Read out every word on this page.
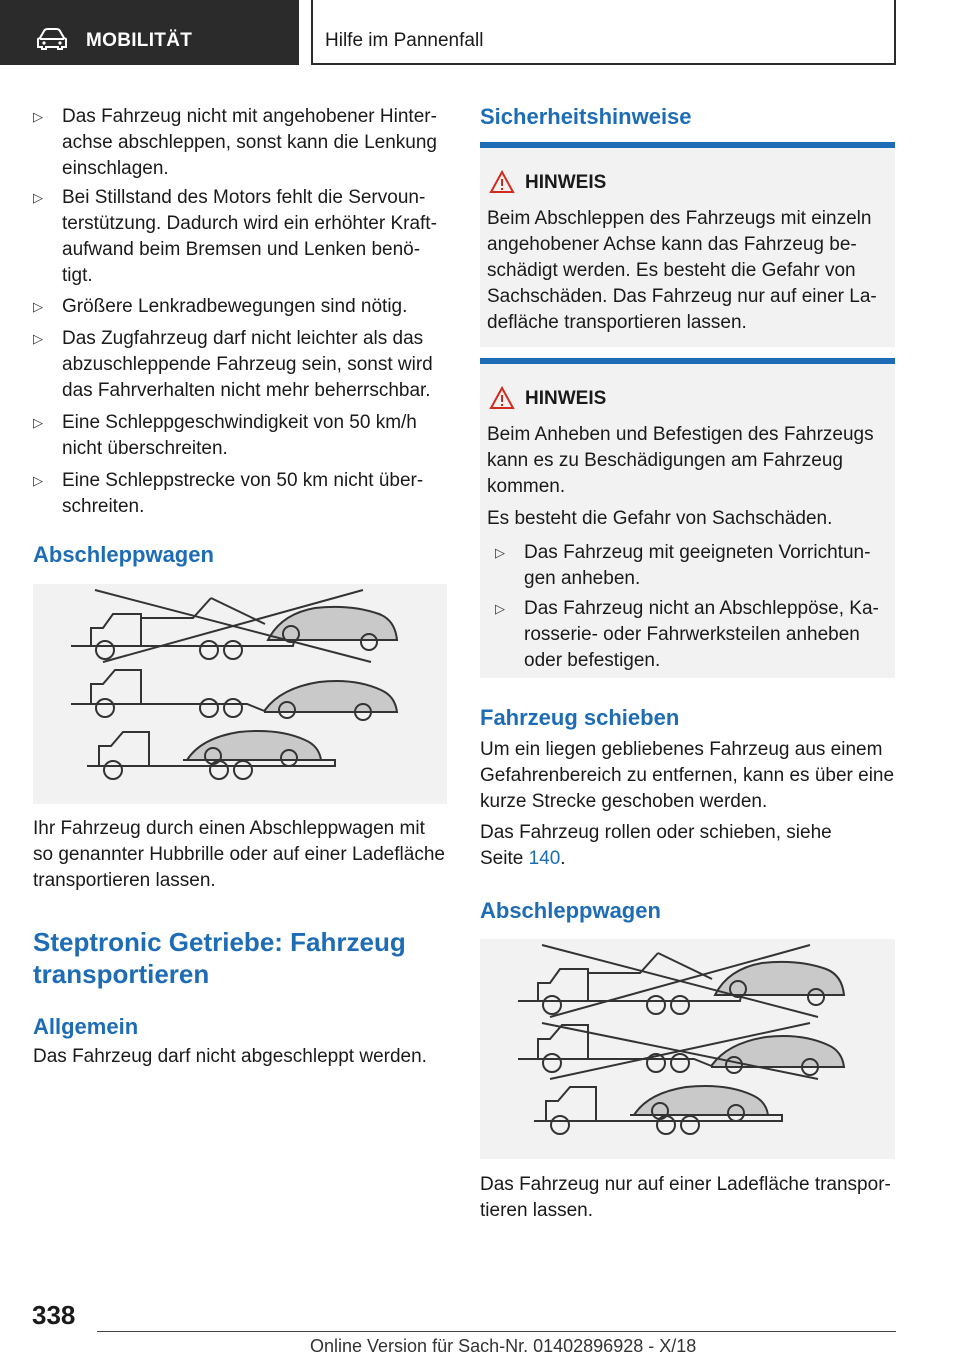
MOBILITÄT	Hilfe im Pannenfall
▷ Das Fahrzeug nicht mit angehobener Hinter-
achse abschleppen, sonst kann die Lenkung
einschlagen.
▷ Bei Stillstand des Motors fehlt die Servoun-
terstützung. Dadurch wird ein erhöhter Kraft-
aufwand beim Bremsen und Lenken benö-
tigt.
▷ Größere Lenkradbewegungen sind nötig.
▷ Das Zugfahrzeug darf nicht leichter als das
abzuschleppende Fahrzeug sein, sonst wird
das Fahrverhalten nicht mehr beherrschbar.
▷ Eine Schleppgeschwindigkeit von 50 km/h
nicht überschreiten.
▷ Eine Schleppstrecke von 50 km nicht über-
schreiten.
Abschleppwagen
Ihr Fahrzeug durch einen Abschleppwagen mit
so genannter Hubbrille oder auf einer Ladefläche
transportieren lassen.
Steptronic Getriebe: Fahrzeug
transportieren
Allgemein
Das Fahrzeug darf nicht abgeschleppt werden.
Sicherheitshinweise
HINWEIS
Beim Abschleppen des Fahrzeugs mit einzeln
angehobener Achse kann das Fahrzeug be-
schädigt werden. Es besteht die Gefahr von
Sachschäden. Das Fahrzeug nur auf einer La-
defläche transportieren lassen.
HINWEIS
Beim Anheben und Befestigen des Fahrzeugs
kann es zu Beschädigungen am Fahrzeug
kommen.
Es besteht die Gefahr von Sachschäden.
▷ Das Fahrzeug mit geeigneten Vorrichtun-
gen anheben.
▷ Das Fahrzeug nicht an Abschleppöse, Ka-
rosserie- oder Fahrwerksteilen anheben
oder befestigen.
Fahrzeug schieben
Um ein liegen gebliebenes Fahrzeug aus einem
Gefahrenbereich zu entfernen, kann es über eine
kurze Strecke geschoben werden.
Das Fahrzeug rollen oder schieben, siehe
Seite 140.
Abschleppwagen
Das Fahrzeug nur auf einer Ladefläche transpor-
tieren lassen.
338
Online Version für Sach-Nr. 01402896928 - X/18
